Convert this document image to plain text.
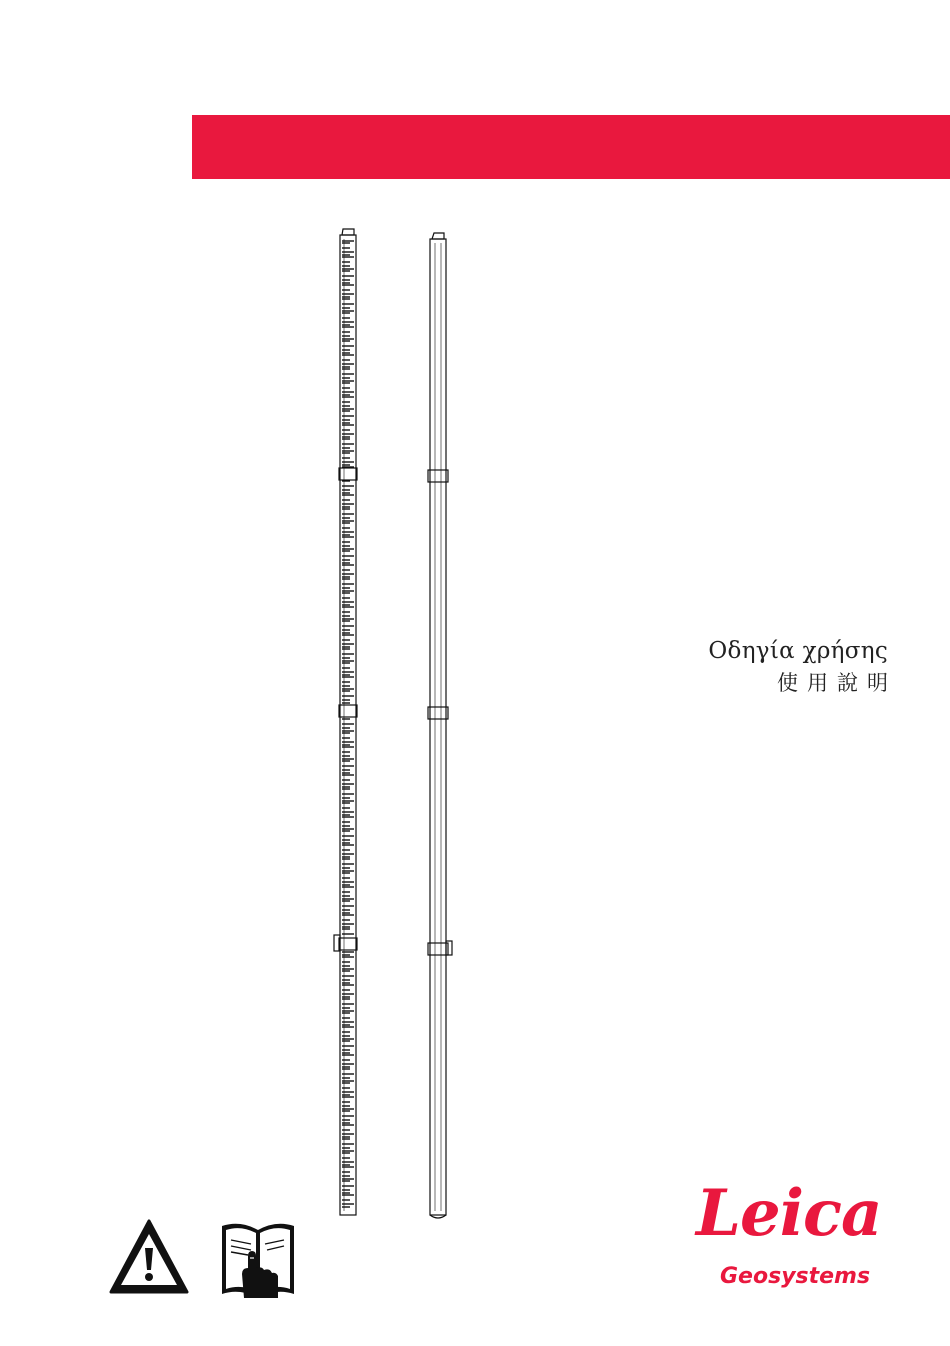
Οδηγία χρήσης
使用說明
Leica
Geosystems
